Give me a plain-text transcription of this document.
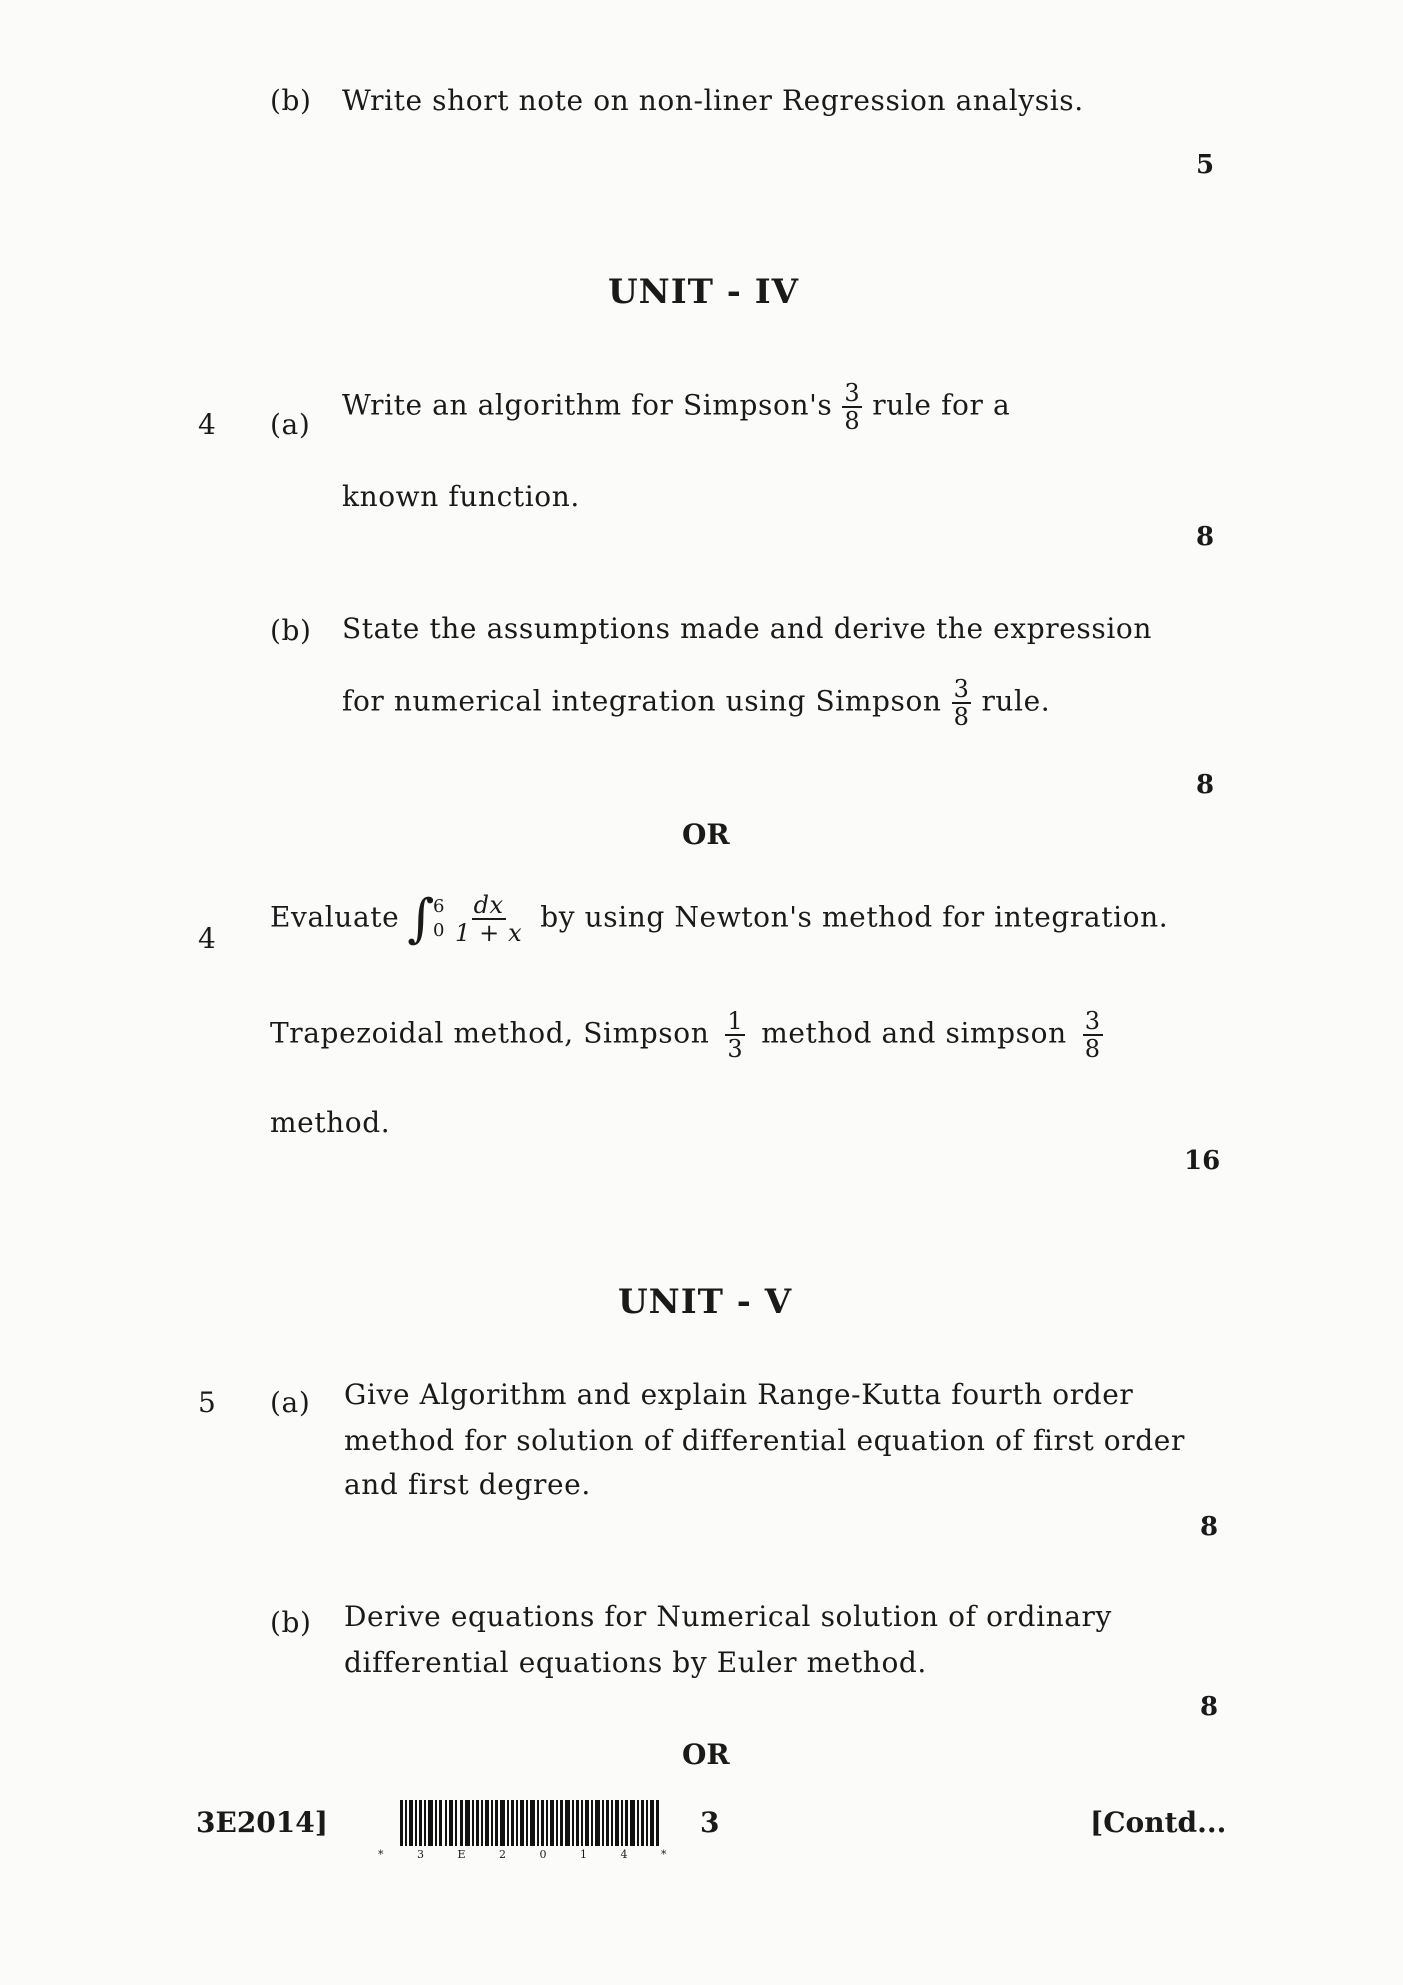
(b) Write short note on non-liner Regression analysis.
5
UNIT - IV
4 (a)
Write an algorithm for Simpson's $\frac{3}{8}$ rule for a
known function.
8
(b) State the assumptions made and derive the expression
for numerical integration using Simpson $\frac{3}{8}$ rule.
8
OR
4
Evaluate ∫
6
$0 \frac{dx}{1 + x}$ by using Newton's method for integration.
Trapezoidal method, Simpson $\frac{1}{3}$ method and simpson $\frac{3}{8}$
method.
16
UNIT - V
5 (a) Give Algorithm and explain Range-Kutta fourth order
method for solution of differential equation of first order
and first degree.
8
(b) Derive equations for Numerical solution of ordinary
differential equations by Euler method.
8
OR
3E2014]
* 3 E 2 0 1 4 *
3	[Contd...
